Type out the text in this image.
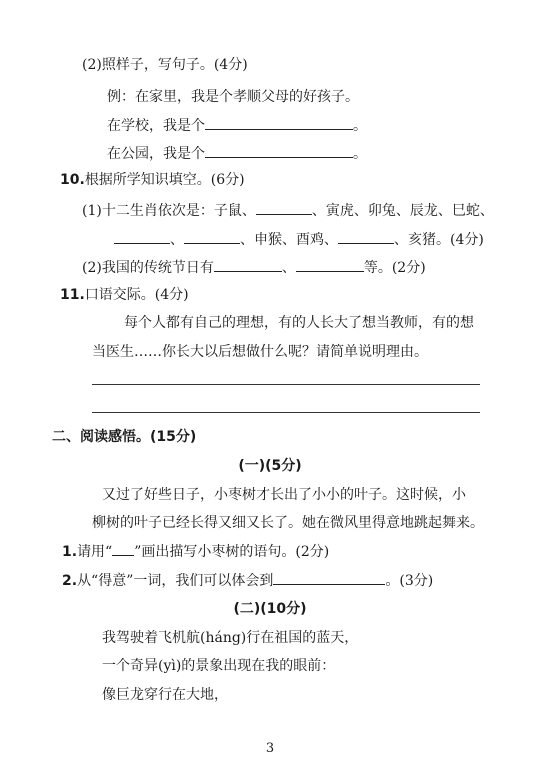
(2)照样子，写句子。(4分)
例：在家里，我是个孝顺父母的好孩子。
在学校，我是个	。
在公园，我是个	。
10.根据所学知识填空。(6分)
(1)十二生肖依次是：子鼠、	、寅虎、卯兔、辰龙、巳蛇、
、	、申猴、酉鸡、	、亥猪。(4分)
(2)我国的传统节日有	、	等。(2分)
11.口语交际。(4分)
每个人都有自己的理想，有的人长大了想当教师，有的想
当医生……你长大以后想做什么呢？请简单说明理由。
二、阅读感悟。(15分)
(一)(5分)
又过了好些日子，小枣树才长出了小小的叶子。这时候，小
柳树的叶子已经长得又细又长了。她在微风里得意地跳起舞来。
1.请用“ ”画出描写小枣树的语句。(2分)
2.从“得意”一词，我们可以体会到	。(3分)
(二)(10分)
我驾驶着飞机航(háng)行在祖国的蓝天，
一个奇异(yì)的景象出现在我的眼前：
像巨龙穿行在大地，
3
